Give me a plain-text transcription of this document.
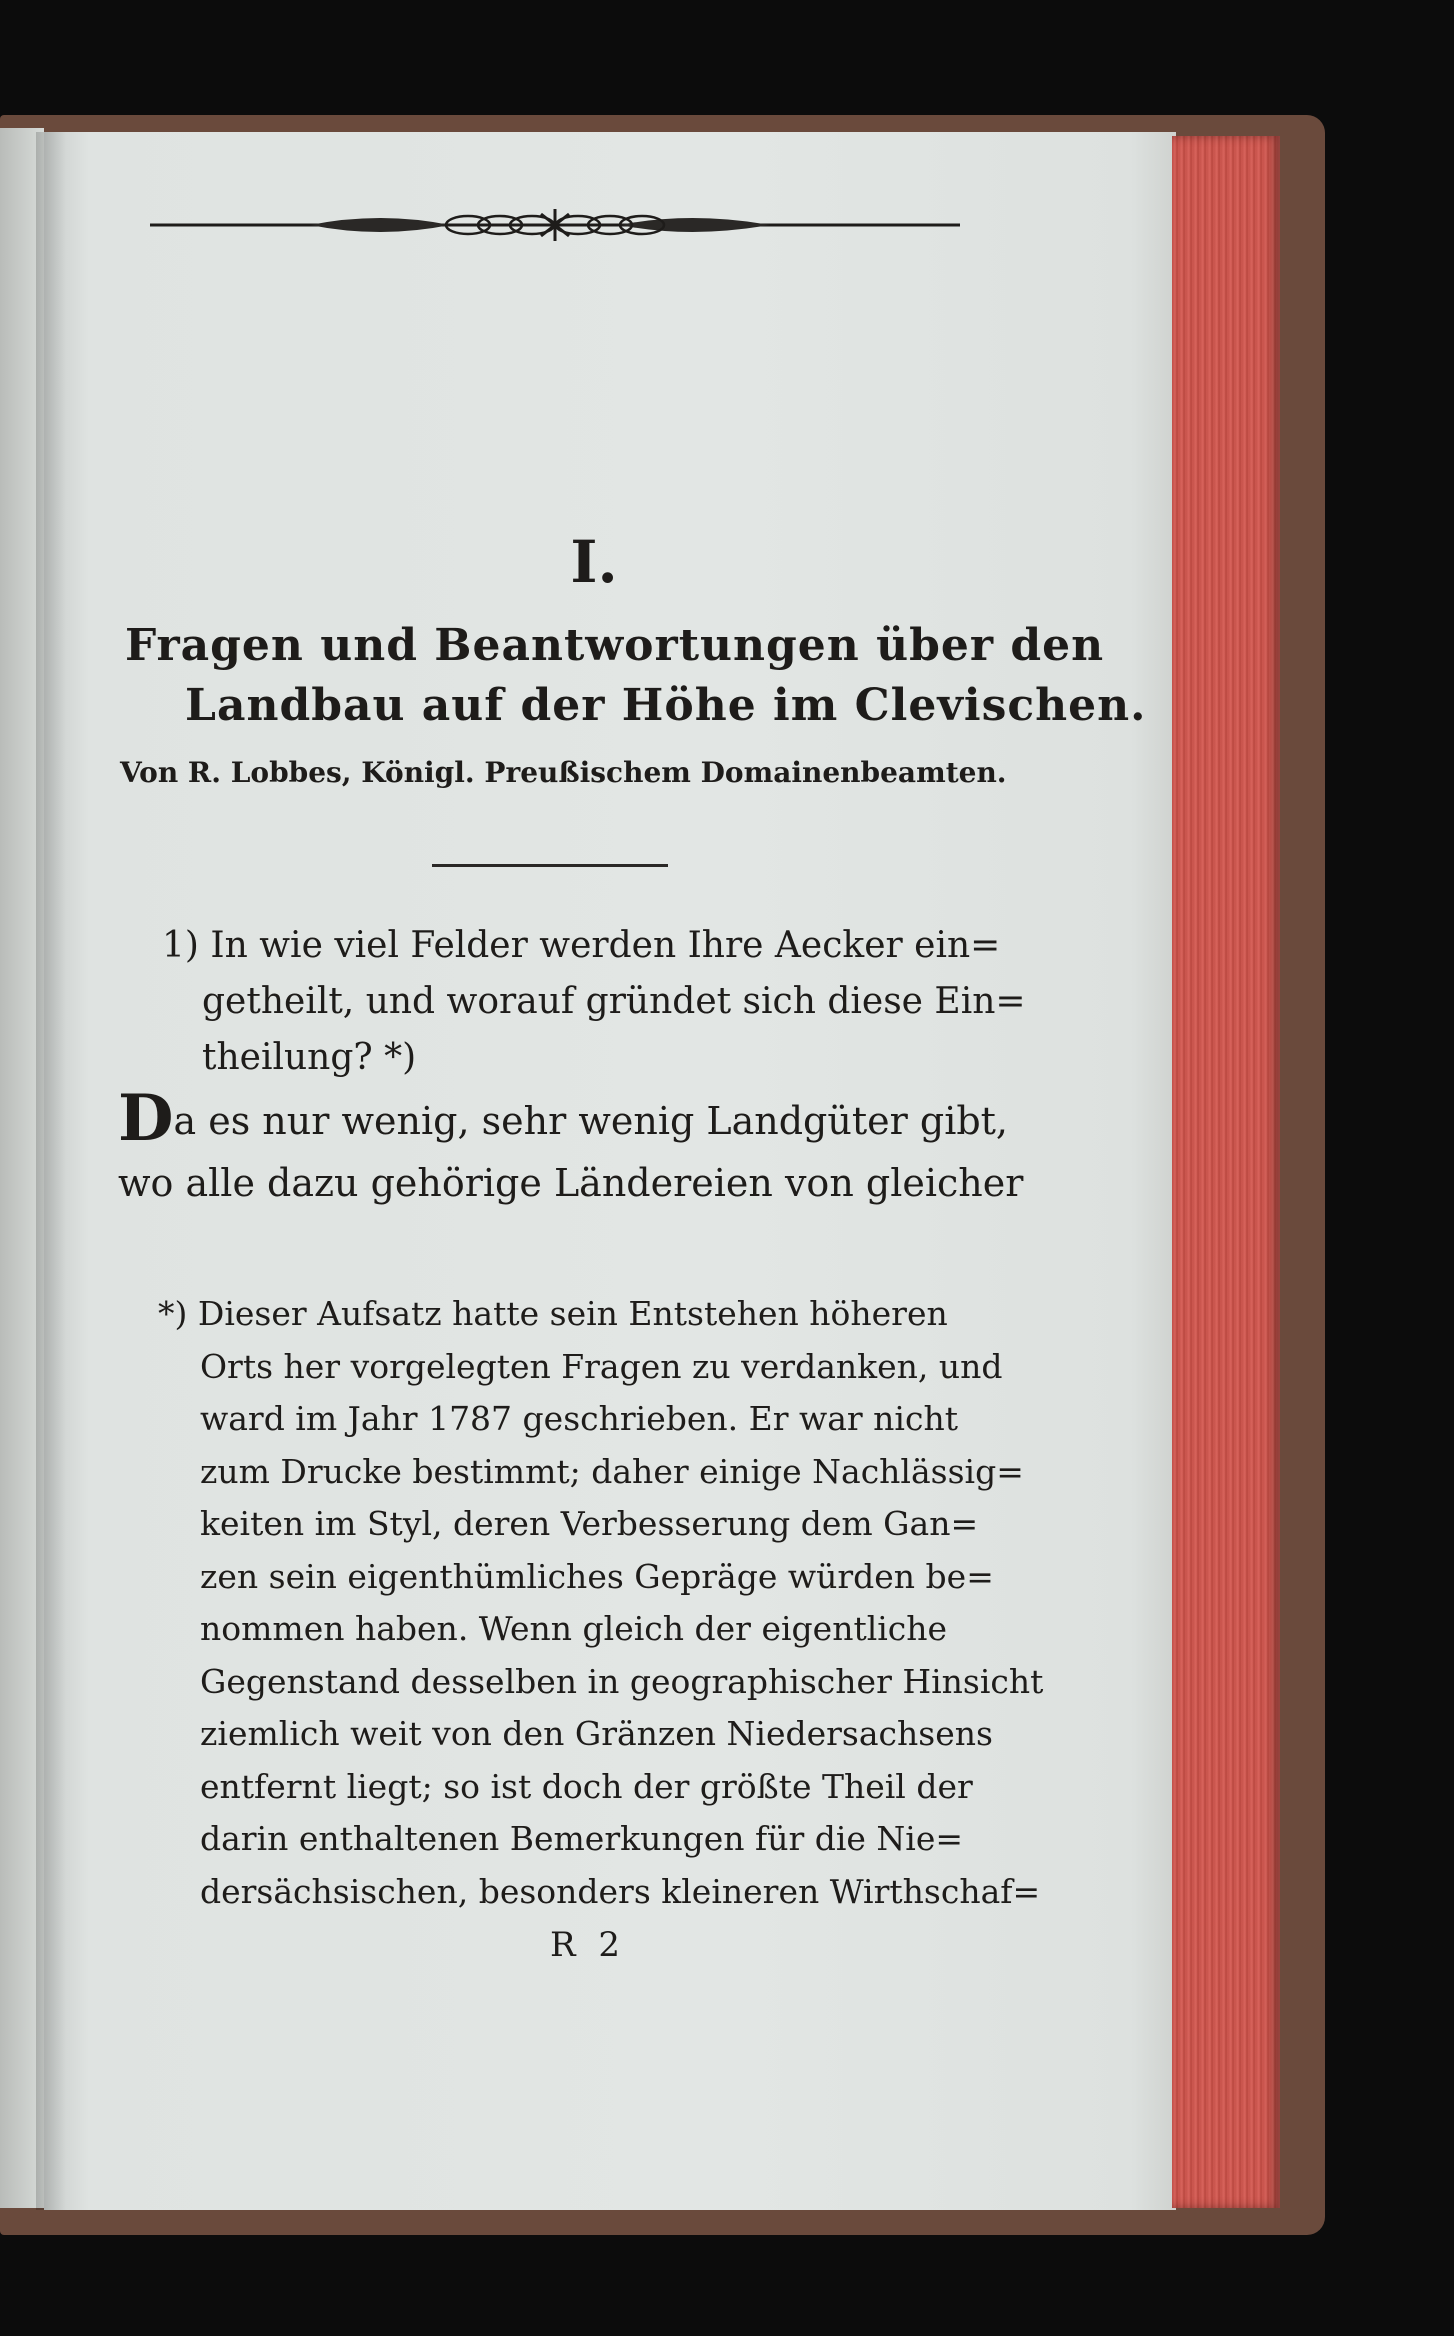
I.
Fragen und Beantwortungen über den
Landbau auf der Höhe im Clevischen.
Von R. Lobbes, Königl. Preußischem Domainenbeamten.
1) In wie viel Felder werden Ihre Aecker ein=
getheilt, und worauf gründet sich diese Ein=
theilung? *)
Da es nur wenig, sehr wenig Landgüter gibt,
wo alle dazu gehörige Ländereien von gleicher
*) Dieser Aufsatz hatte sein Entstehen höheren
Orts her vorgelegten Fragen zu verdanken, und
ward im Jahr 1787 geschrieben. Er war nicht
zum Drucke bestimmt; daher einige Nachlässig=
keiten im Styl, deren Verbesserung dem Gan=
zen sein eigenthümliches Gepräge würden be=
nommen haben. Wenn gleich der eigentliche
Gegenstand desselben in geographischer Hinsicht
ziemlich weit von den Gränzen Niedersachsens
entfernt liegt; so ist doch der größte Theil der
darin enthaltenen Bemerkungen für die Nie=
dersächsischen, besonders kleineren Wirthschaf=
R 2
